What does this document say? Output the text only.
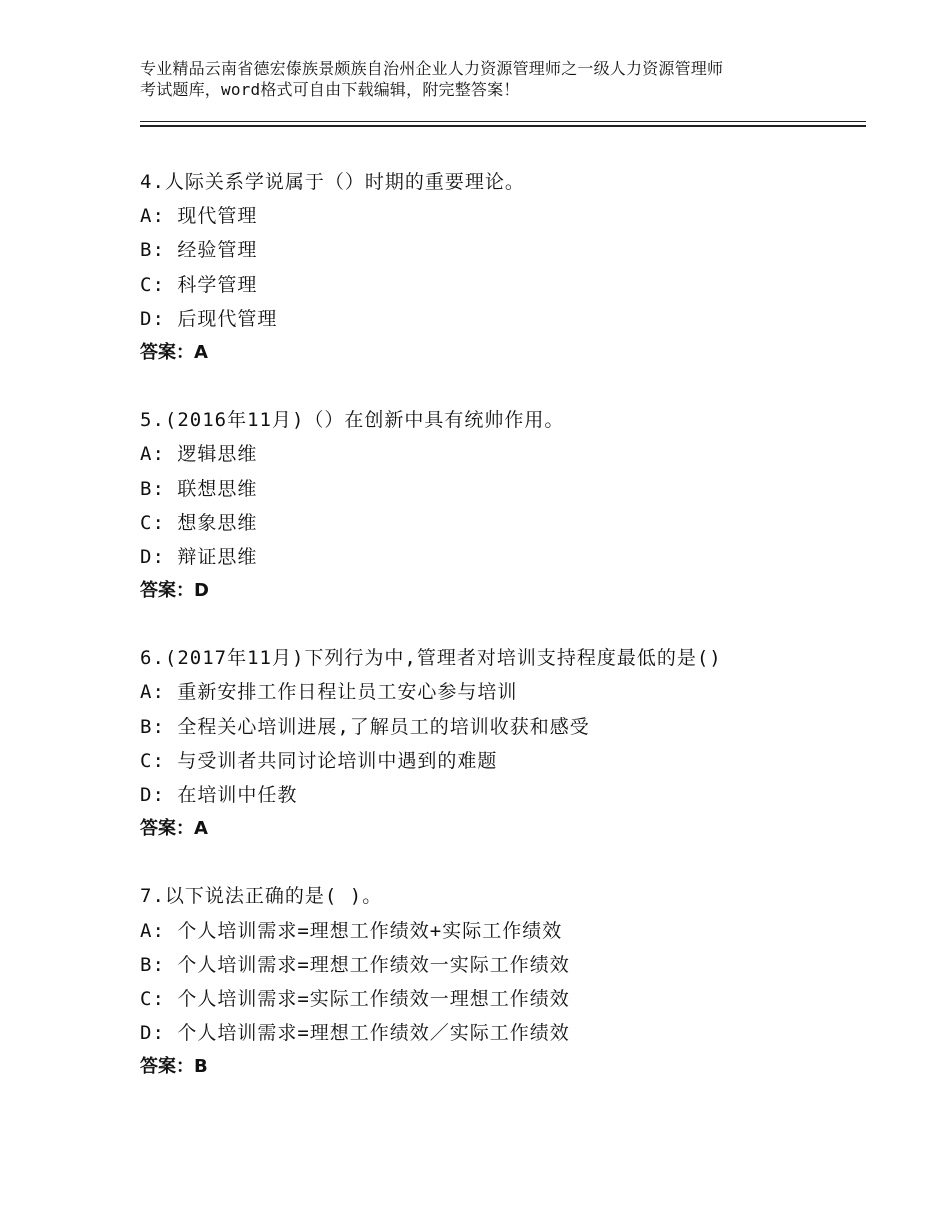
专业精品云南省德宏傣族景颇族自治州企业人力资源管理师之一级人力资源管理师
考试题库，word格式可自由下载编辑，附完整答案！
4.人际关系学说属于（）时期的重要理论。
A: 现代管理
B: 经验管理
C: 科学管理
D: 后现代管理
答案：A
5.(2016年11月)（）在创新中具有统帅作用。
A: 逻辑思维
B: 联想思维
C: 想象思维
D: 辩证思维
答案：D
6.(2017年11月)下列行为中,管理者对培训支持程度最低的是()
A: 重新安排工作日程让员工安心参与培训
B: 全程关心培训进展,了解员工的培训收获和感受
C: 与受训者共同讨论培训中遇到的难题
D: 在培训中任教
答案：A
7.以下说法正确的是( )。
A: 个人培训需求=理想工作绩效+实际工作绩效
B: 个人培训需求=理想工作绩效一实际工作绩效
C: 个人培训需求=实际工作绩效一理想工作绩效
D: 个人培训需求=理想工作绩效／实际工作绩效
答案：B
